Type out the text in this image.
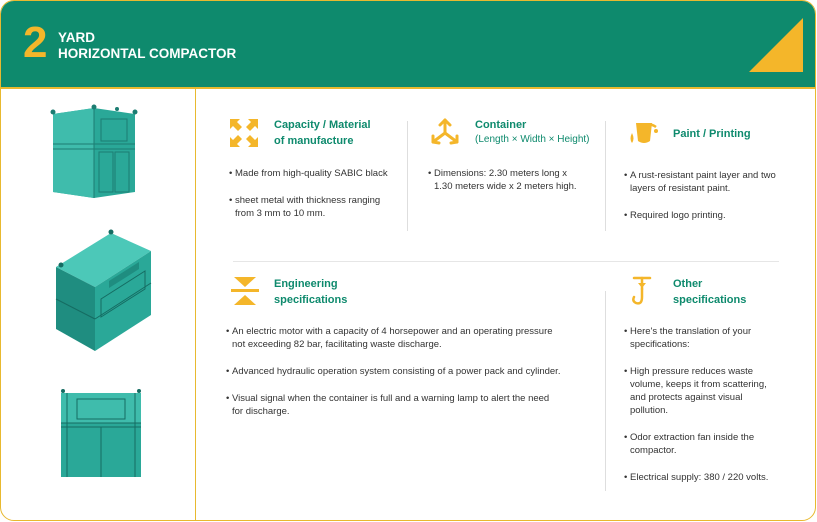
2 YARD
HORIZONTAL COMPACTOR
Capacity / Material
of manufacture
• Made from high-quality SABIC black
• sheet metal with thickness ranging
from 3 mm to 10 mm.
Container
(Length × Width × Height)
• Dimensions: 2.30 meters long x
1.30 meters wide x 2 meters high.
Paint / Printing
• A rust-resistant paint layer and two
layers of resistant paint.
• Required logo printing.
Engineering
specifications
• An electric motor with a capacity of 4 horsepower and an operating pressure
not exceeding 82 bar, facilitating waste discharge.
• Advanced hydraulic operation system consisting of a power pack and cylinder.
• Visual signal when the container is full and a warning lamp to alert the need
for discharge.
Other
specifications
• Here's the translation of your
specifications:
• High pressure reduces waste
volume, keeps it from scattering,
and protects against visual
pollution.
• Odor extraction fan inside the
compactor.
• Electrical supply: 380 / 220 volts.
